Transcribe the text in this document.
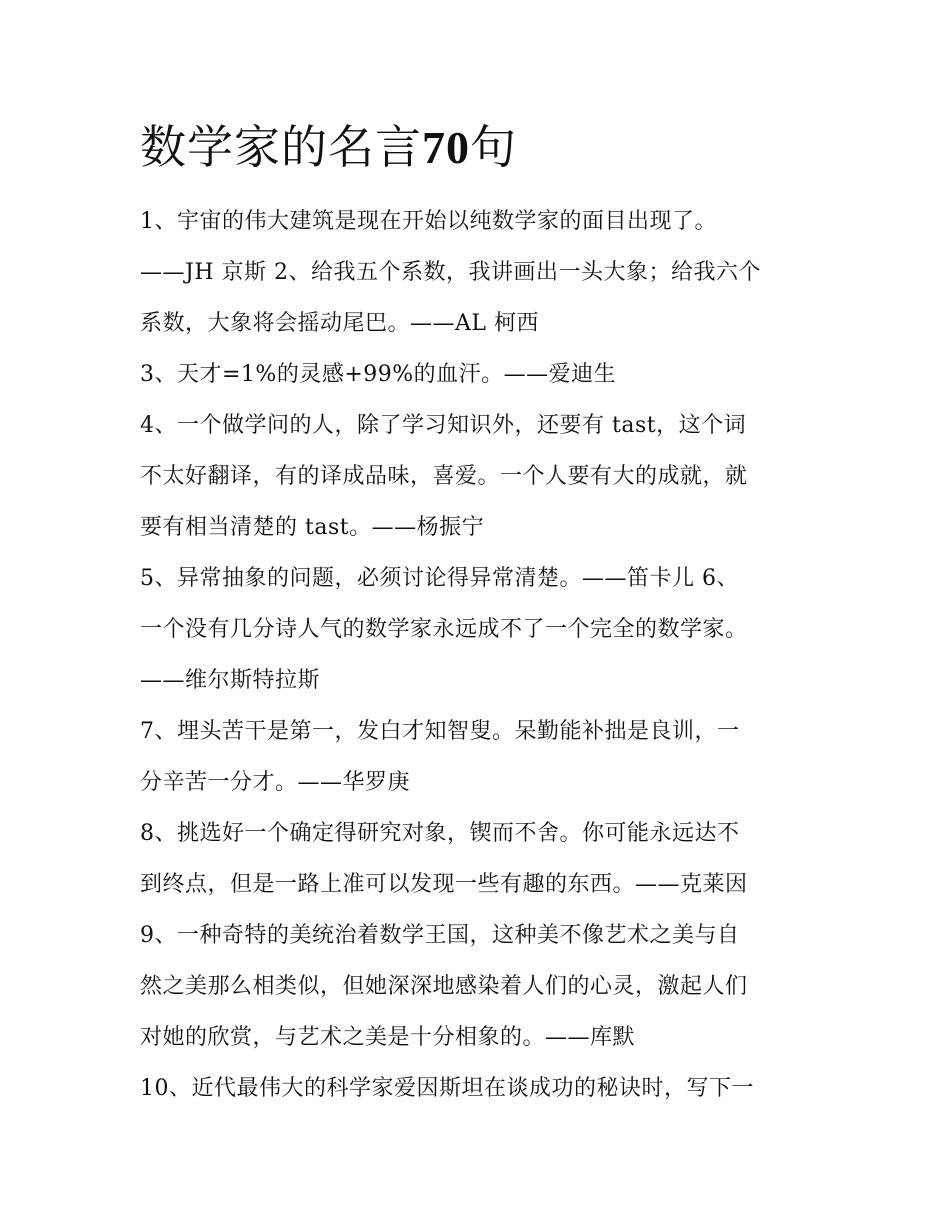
数学家的名言70句
1、宇宙的伟大建筑是现在开始以纯数学家的面目出现了。
——JH 京斯 2、给我五个系数，我讲画出一头大象；给我六个
系数，大象将会摇动尾巴。——AL 柯西
3、天才=1%的灵感+99%的血汗。——爱迪生
4、一个做学问的人，除了学习知识外，还要有 tast，这个词
不太好翻译，有的译成品味，喜爱。一个人要有大的成就，就
要有相当清楚的 tast。——杨振宁
5、异常抽象的问题，必须讨论得异常清楚。——笛卡儿 6、
一个没有几分诗人气的数学家永远成不了一个完全的数学家。
——维尔斯特拉斯
7、埋头苦干是第一，发白才知智叟。呆勤能补拙是良训，一
分辛苦一分才。——华罗庚
8、挑选好一个确定得研究对象，锲而不舍。你可能永远达不
到终点，但是一路上准可以发现一些有趣的东西。——克莱因
9、一种奇特的美统治着数学王国，这种美不像艺术之美与自
然之美那么相类似，但她深深地感染着人们的心灵，激起人们
对她的欣赏，与艺术之美是十分相象的。——库默
10、近代最伟大的科学家爱因斯坦在谈成功的秘诀时，写下一
